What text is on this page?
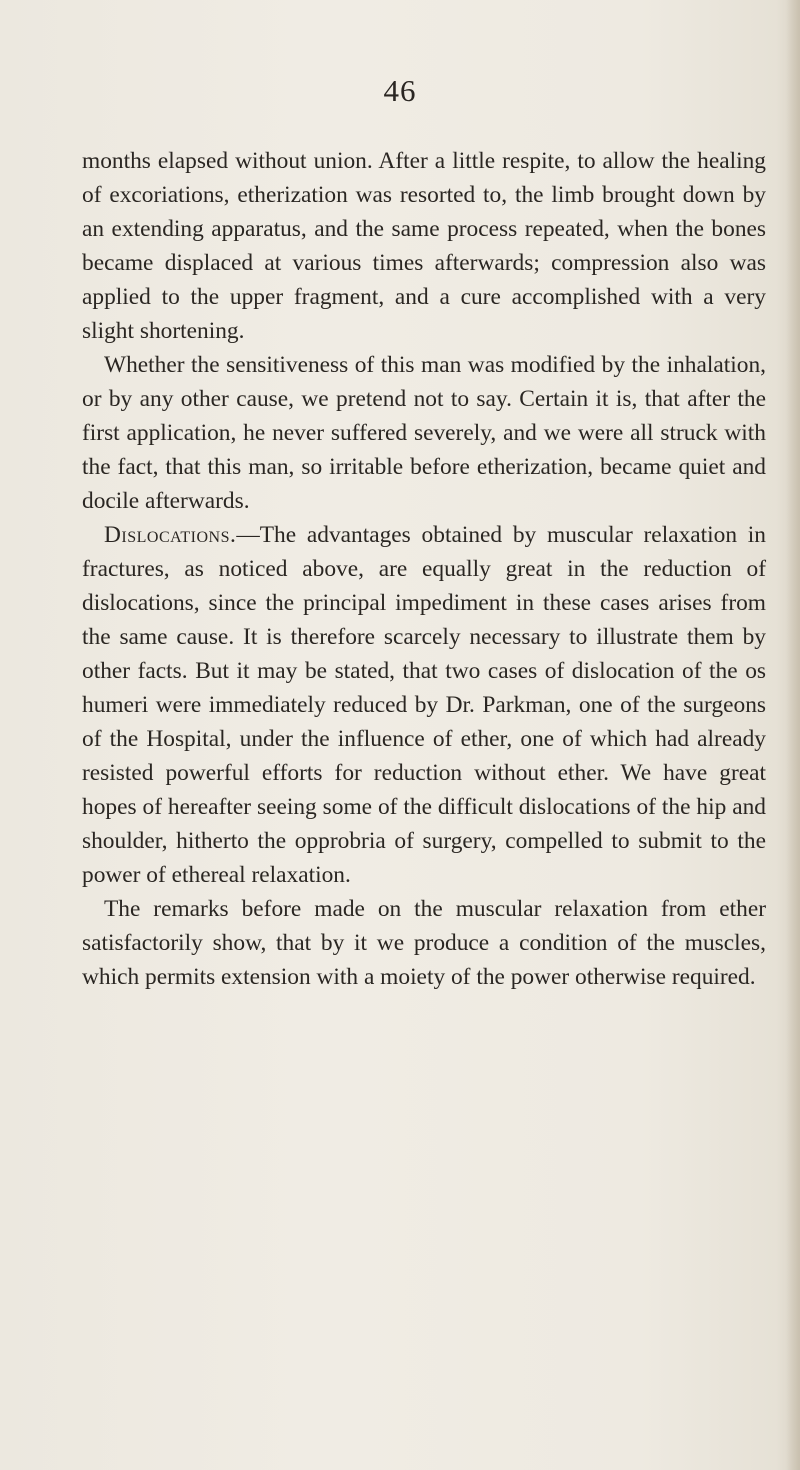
46

months elapsed without union. After a little respite, to allow the healing of excoriations, etherization was resorted to, the limb brought down by an extending apparatus, and the same process repeated, when the bones became displaced at various times afterwards; compression also was applied to the upper fragment, and a cure accomplished with a very slight shortening.

Whether the sensitiveness of this man was modified by the inhalation, or by any other cause, we pretend not to say. Certain it is, that after the first application, he never suffered severely, and we were all struck with the fact, that this man, so irritable before etherization, became quiet and docile afterwards.

Dislocations.—The advantages obtained by muscular relaxation in fractures, as noticed above, are equally great in the reduction of dislocations, since the principal impediment in these cases arises from the same cause. It is therefore scarcely necessary to illustrate them by other facts. But it may be stated, that two cases of dislocation of the os humeri were immediately reduced by Dr. Parkman, one of the surgeons of the Hospital, under the influence of ether, one of which had already resisted powerful efforts for reduction without ether. We have great hopes of hereafter seeing some of the difficult dislocations of the hip and shoulder, hitherto the opprobria of surgery, compelled to submit to the power of ethereal relaxation.

The remarks before made on the muscular relaxation from ether satisfactorily show, that by it we produce a condition of the muscles, which permits extension with a moiety of the power otherwise required.
